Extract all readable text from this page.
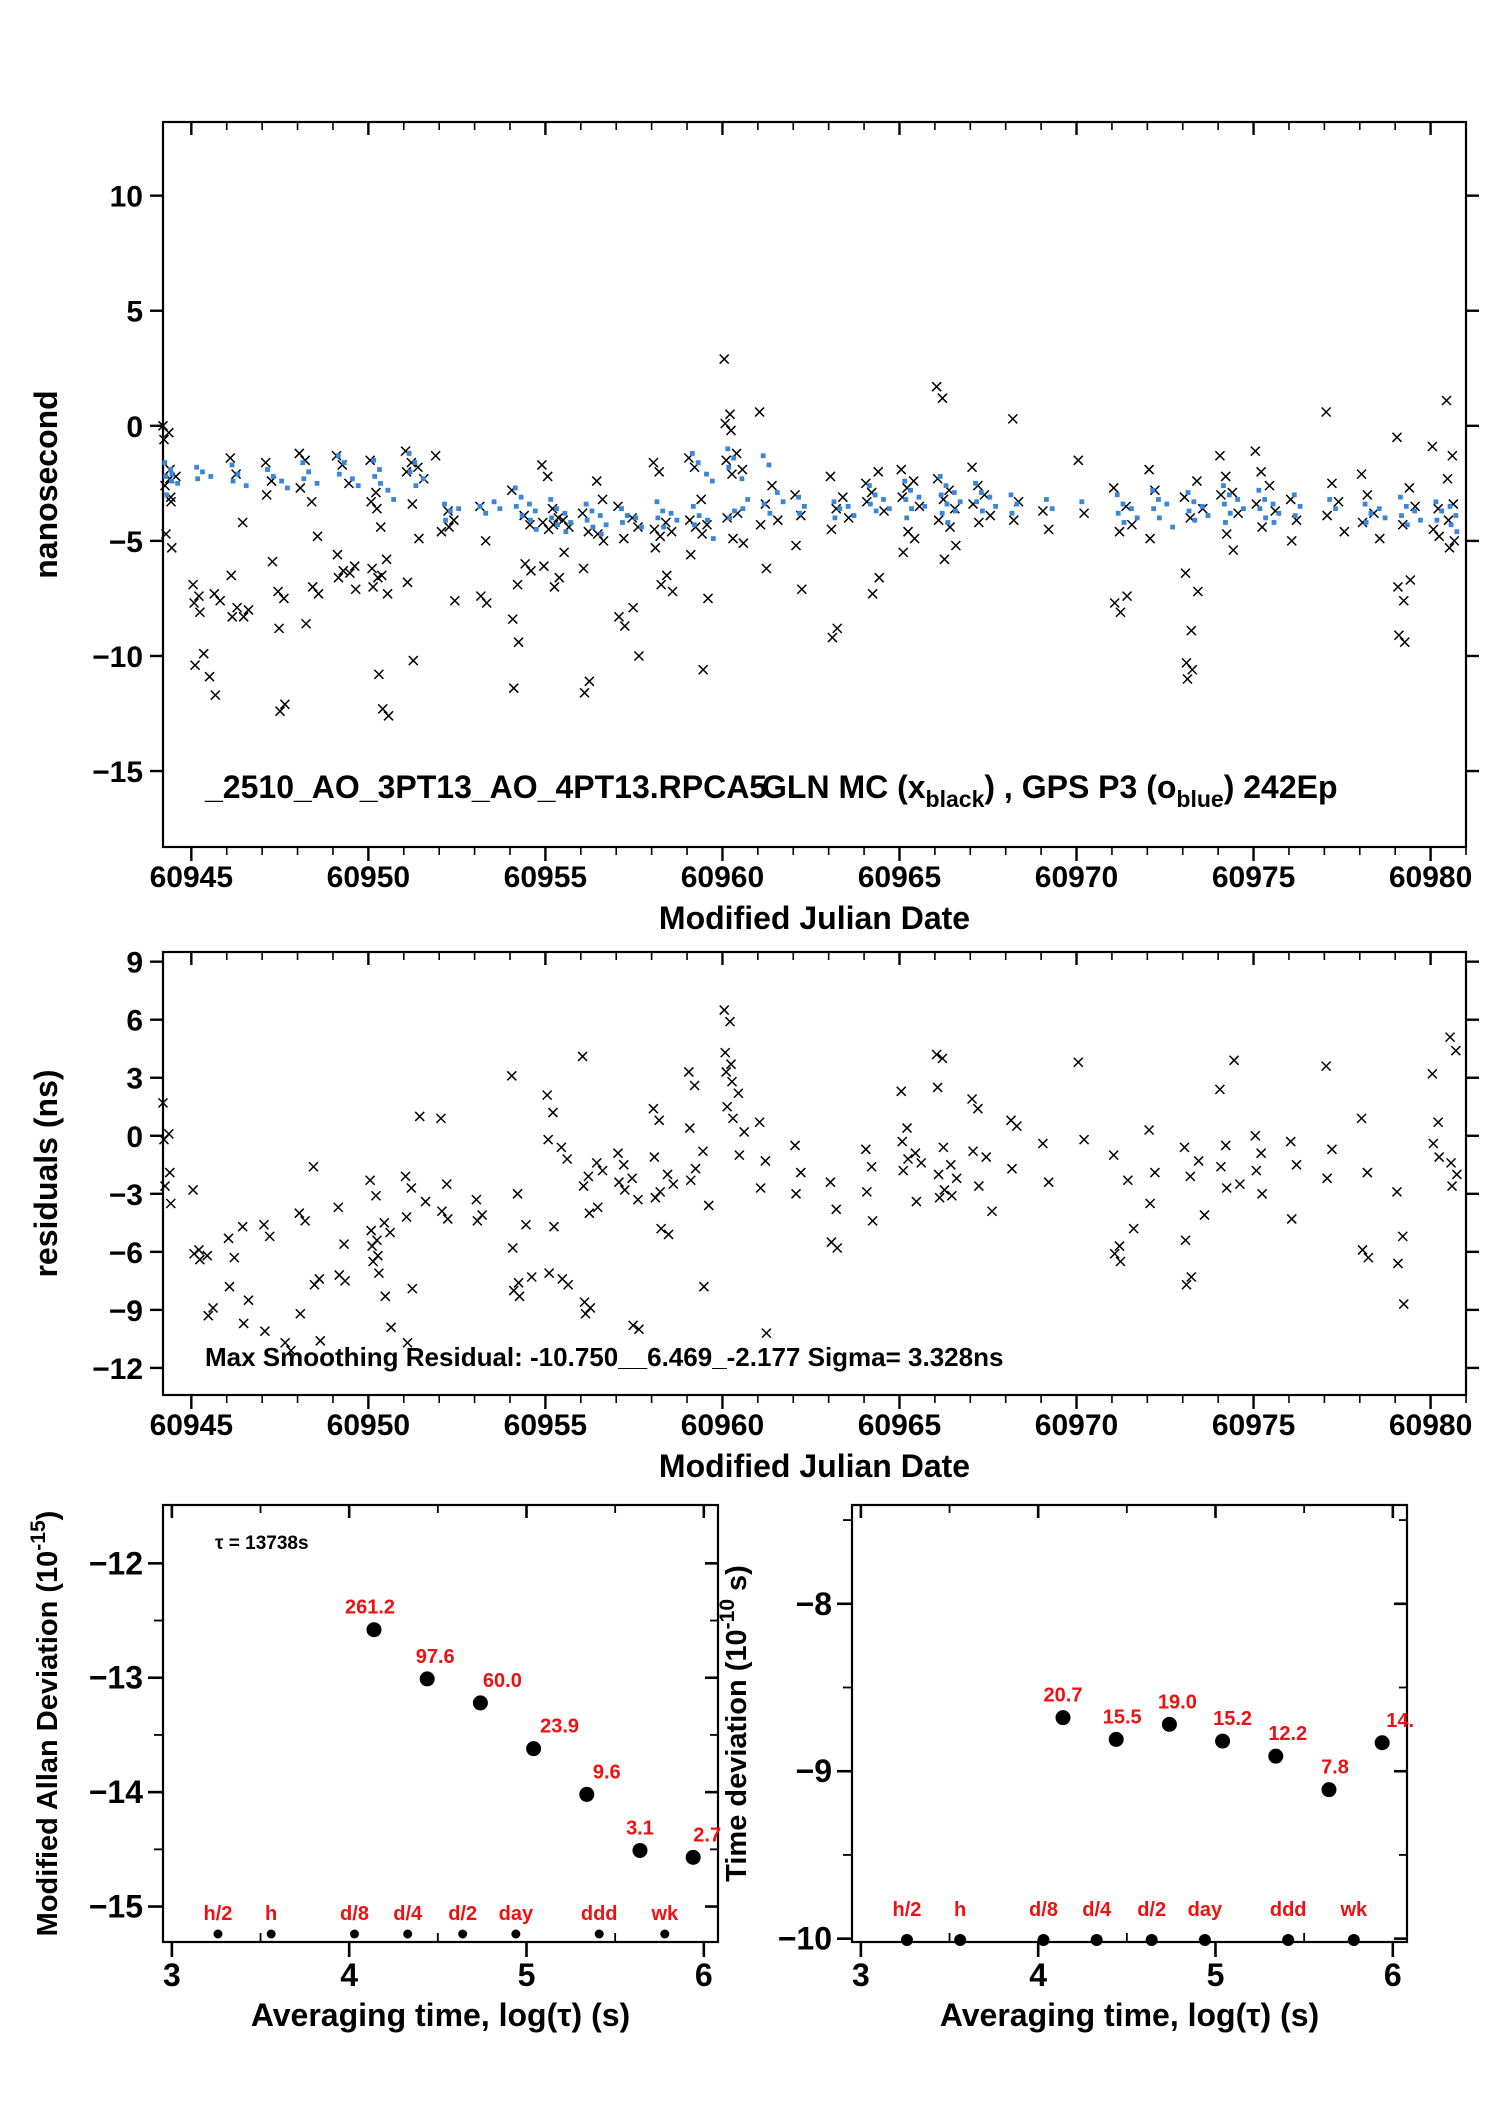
60945	60950	60955	60960	60965	60970	60975	60980
−15
−10
−5
0
5
10
Modified Julian Date
nanosecond
_2510_AO_3PT13_AO_4PT13.RPCA5
GLN MC $(x_{black})$ , GPS P3 $(o_{blue})$ 242Ep
60945	60950	60955	60960	60965	60970	60975	60980
−12
−9
−6
−3
0
3
6
9
Modified Julian Date
residuals (ns)
Max Smoothing Residual: -10.750__6.469_-2.177 Sigma= 3.328ns
3	4	5	6
−15
−14
−13
−12
Averaging time, log(τ) (s)
Modified Allan Deviation $(10^{-15})$
τ = 13738s
261.2
97.6
60.0
23.9
9.6
3.1 2.7
h/2 h	d/8 d/4 d/2 day ddd wk
3	4	5	6
−10
−9
−8
Averaging time, log(τ) (s)
Time deviation ($10^{-10}$ s)
20.7
15.5
19.0
15.2
12.2
7.8
14.
h/2 h	d/8 d/4 d/2 day ddd wk
